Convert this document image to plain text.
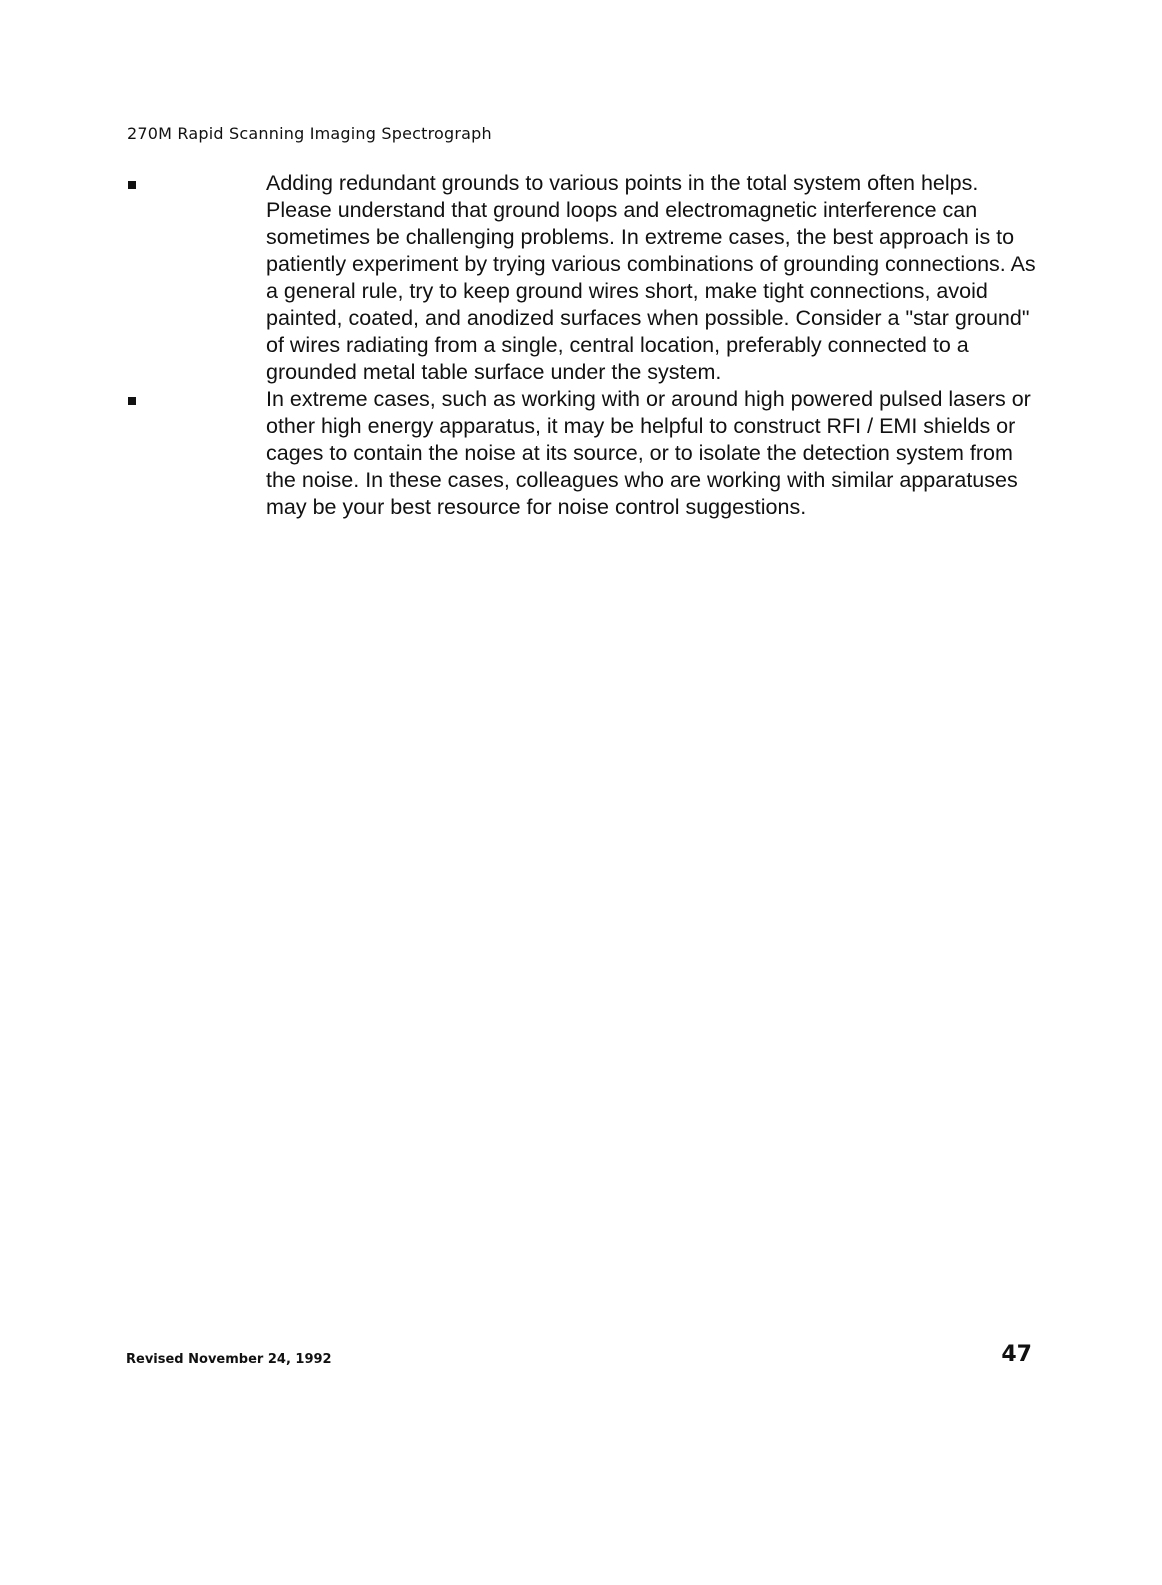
270M Rapid Scanning Imaging Spectrograph
Adding redundant grounds to various points in the total system often helps. Please understand that ground loops and electromagnetic interference can sometimes be challenging problems. In extreme cases, the best approach is to patiently experiment by trying various combinations of grounding connections. As a general rule, try to keep ground wires short, make tight connections, avoid painted, coated, and anodized surfaces when possible. Consider a "star ground" of wires radiating from a single, central location, preferably connected to a grounded metal table surface under the system.
In extreme cases, such as working with or around high powered pulsed lasers or other high energy apparatus, it may be helpful to construct RFI / EMI shields or cages to contain the noise at its source, or to isolate the detection system from the noise. In these cases, colleagues who are working with similar apparatuses may be your best resource for noise control suggestions.
Revised November 24, 1992	47
